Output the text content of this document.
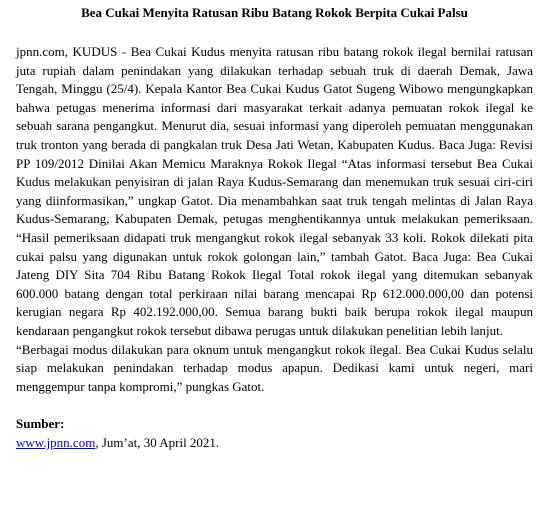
Bea Cukai Menyita Ratusan Ribu Batang Rokok Berpita Cukai Palsu

jpnn.com, KUDUS - Bea Cukai Kudus menyita ratusan ribu batang rokok ilegal bernilai ratusan juta rupiah dalam penindakan yang dilakukan terhadap sebuah truk di daerah Demak, Jawa Tengah, Minggu (25/4). Kepala Kantor Bea Cukai Kudus Gatot Sugeng Wibowo mengungkapkan bahwa petugas menerima informasi dari masyarakat terkait adanya pemuatan rokok ilegal ke sebuah sarana pengangkut. Menurut dia, sesuai informasi yang diperoleh pemuatan menggunakan truk tronton yang berada di pangkalan truk Desa Jati Wetan, Kabupaten Kudus. Baca Juga: Revisi PP 109/2012 Dinilai Akan Memicu Maraknya Rokok Ilegal “Atas informasi tersebut Bea Cukai Kudus melakukan penyisiran di jalan Raya Kudus-Semarang dan menemukan truk sesuai ciri-ciri yang diinformasikan,” ungkap Gatot. Dia menambahkan saat truk tengah melintas di Jalan Raya Kudus-Semarang, Kabupaten Demak, petugas menghentikannya untuk melakukan pemeriksaan. “Hasil pemeriksaan didapati truk mengangkut rokok ilegal sebanyak 33 koli. Rokok dilekati pita cukai palsu yang digunakan untuk rokok golongan lain,” tambah Gatot. Baca Juga: Bea Cukai Jateng DIY Sita 704 Ribu Batang Rokok Ilegal Total rokok ilegal yang ditemukan sebanyak 600.000 batang dengan total perkiraan nilai barang mencapai Rp 612.000.000,00 dan potensi kerugian negara Rp 402.192.000,00. Semua barang bukti baik berupa rokok ilegal maupun kendaraan pengangkut rokok tersebut dibawa perugas untuk dilakukan penelitian lebih lanjut.

“Berbagai modus dilakukan para oknum untuk mengangkut rokok ilegal. Bea Cukai Kudus selalu siap melakukan penindakan terhadap modus apapun. Dedikasi kami untuk negeri, mari menggempur tanpa kompromi,” pungkas Gatot.

Sumber:

www.jpnn.com, Jum’at, 30 April 2021.
